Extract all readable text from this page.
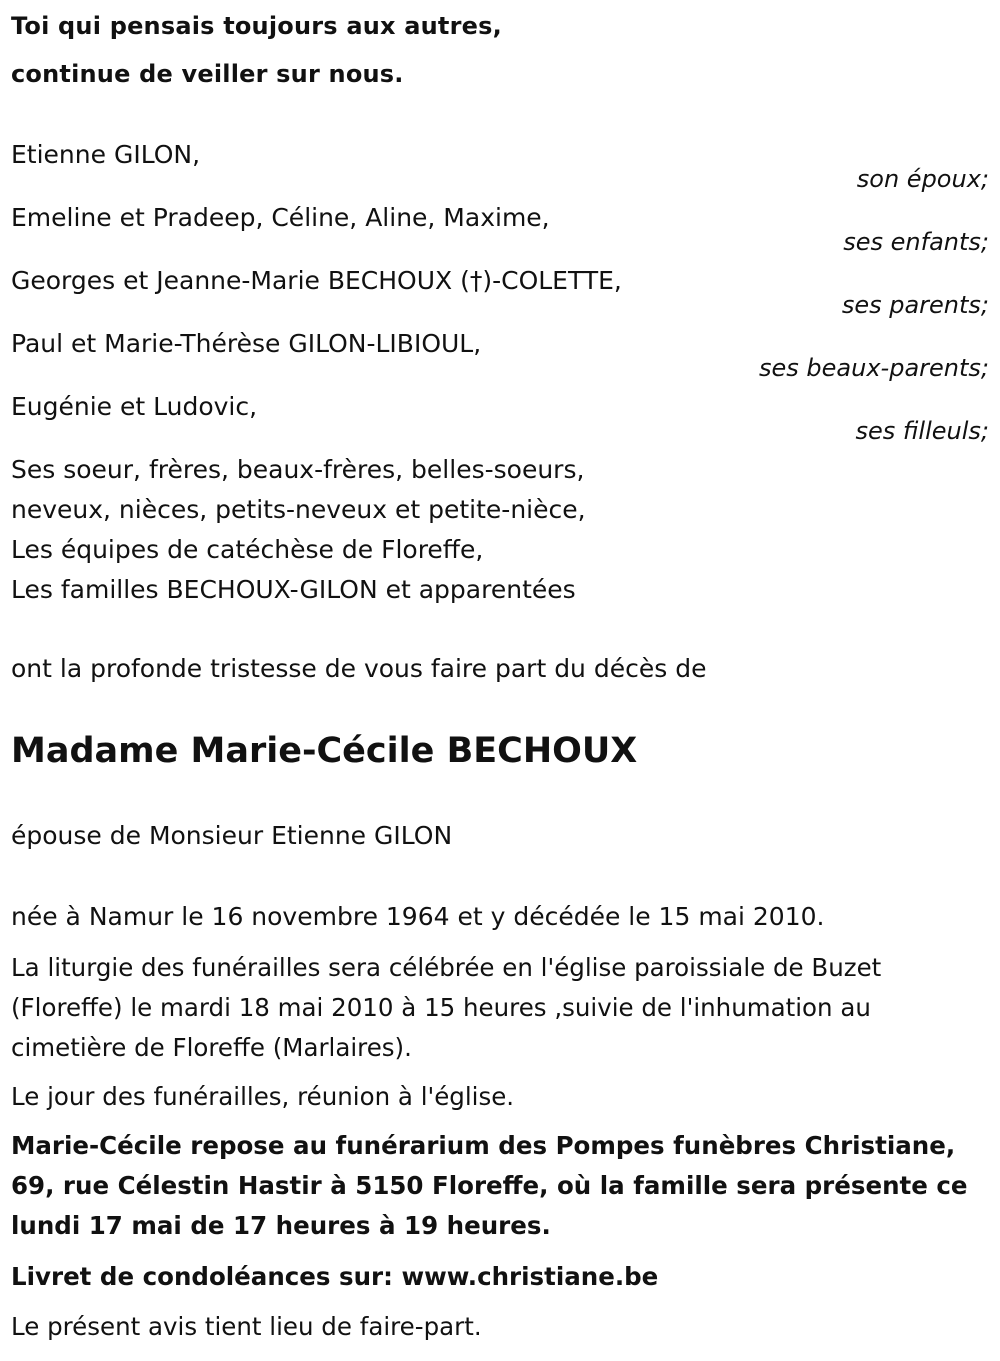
Toi qui pensais toujours aux autres,
continue de veiller sur nous.
Etienne GILON,
son époux;
Emeline et Pradeep, Céline, Aline, Maxime,
ses enfants;
Georges et Jeanne-Marie BECHOUX (†)-COLETTE,
ses parents;
Paul et Marie-Thérèse GILON-LIBIOUL,
ses beaux-parents;
Eugénie et Ludovic,
ses filleuls;
Ses soeur, frères, beaux-frères, belles-soeurs,
neveux, nièces, petits-neveux et petite-nièce,
Les équipes de catéchèse de Floreffe,
Les familles BECHOUX-GILON et apparentées
ont la profonde tristesse de vous faire part du décès de
Madame Marie-Cécile BECHOUX
épouse de Monsieur Etienne GILON
née à Namur le 16 novembre 1964 et y décédée le 15 mai 2010.
La liturgie des funérailles sera célébrée en l'église paroissiale de Buzet (Floreffe) le mardi 18 mai 2010 à 15 heures ,suivie de l'inhumation au cimetière de Floreffe (Marlaires).
Le jour des funérailles, réunion à l'église.
Marie-Cécile repose au funérarium des Pompes funèbres Christiane, 69, rue Célestin Hastir à 5150 Floreffe, où la famille sera présente ce lundi 17 mai de 17 heures à 19 heures.
Livret de condoléances sur: www.christiane.be
Le présent avis tient lieu de faire-part.
